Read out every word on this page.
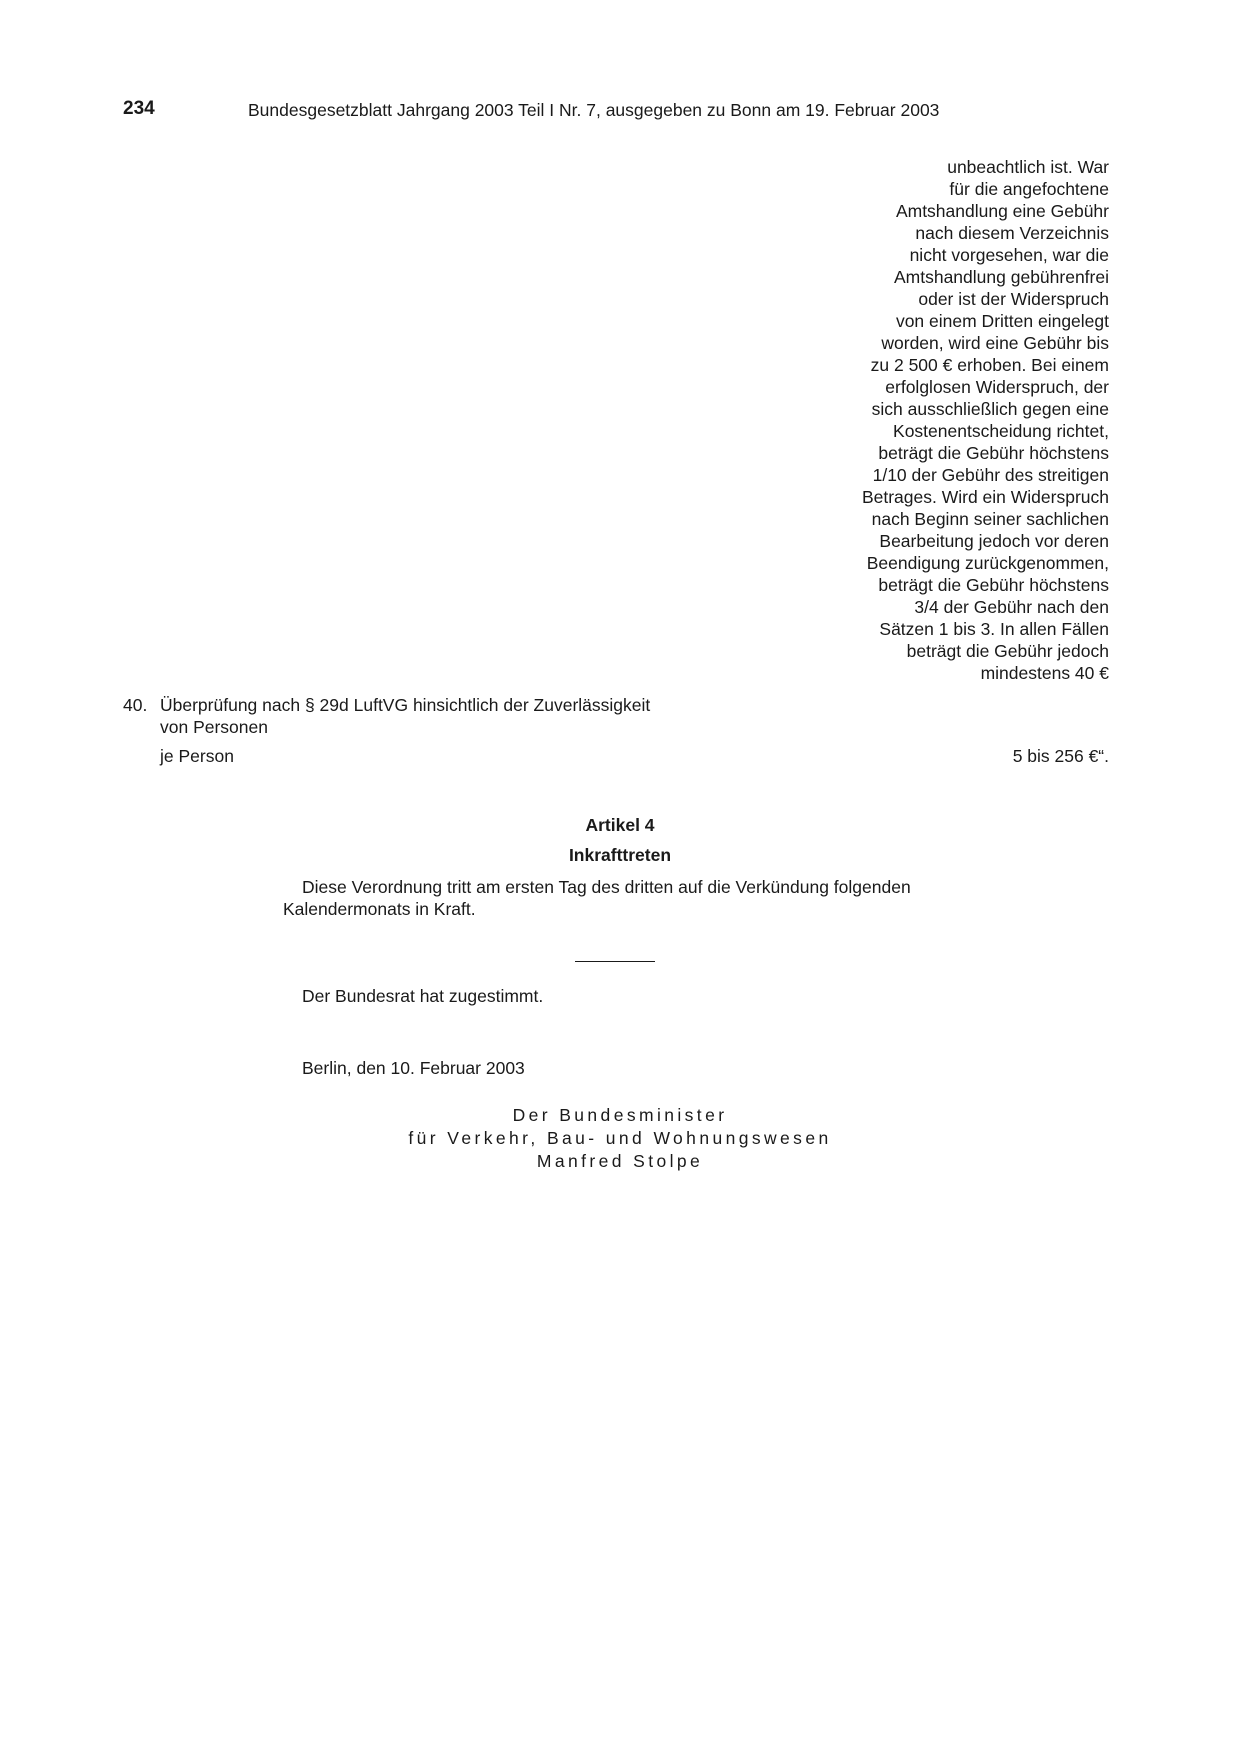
234	Bundesgesetzblatt Jahrgang 2003 Teil I Nr. 7, ausgegeben zu Bonn am 19. Februar 2003
unbeachtlich ist. War
für die angefochtene
Amtshandlung eine Gebühr
nach diesem Verzeichnis
nicht vorgesehen, war die
Amtshandlung gebührenfrei
oder ist der Widerspruch
von einem Dritten eingelegt
worden, wird eine Gebühr bis
zu 2 500 € erhoben. Bei einem
erfolglosen Widerspruch, der
sich ausschließlich gegen eine
Kostenentscheidung richtet,
beträgt die Gebühr höchstens
1/10 der Gebühr des streitigen
Betrages. Wird ein Widerspruch
nach Beginn seiner sachlichen
Bearbeitung jedoch vor deren
Beendigung zurückgenommen,
beträgt die Gebühr höchstens
3/4 der Gebühr nach den
Sätzen 1 bis 3. In allen Fällen
beträgt die Gebühr jedoch
mindestens 40 €
40. Überprüfung nach § 29d LuftVG hinsichtlich der Zuverlässigkeit
von Personen
je Person	5 bis 256 €“.
Artikel 4
Inkrafttreten
Diese Verordnung tritt am ersten Tag des dritten auf die Verkündung folgenden
Kalendermonats in Kraft.
Der Bundesrat hat zugestimmt.
Berlin, den 10. Februar 2003
Der Bundesminister
für Verkehr, Bau- und Wohnungswesen
Manfred Stolpe
